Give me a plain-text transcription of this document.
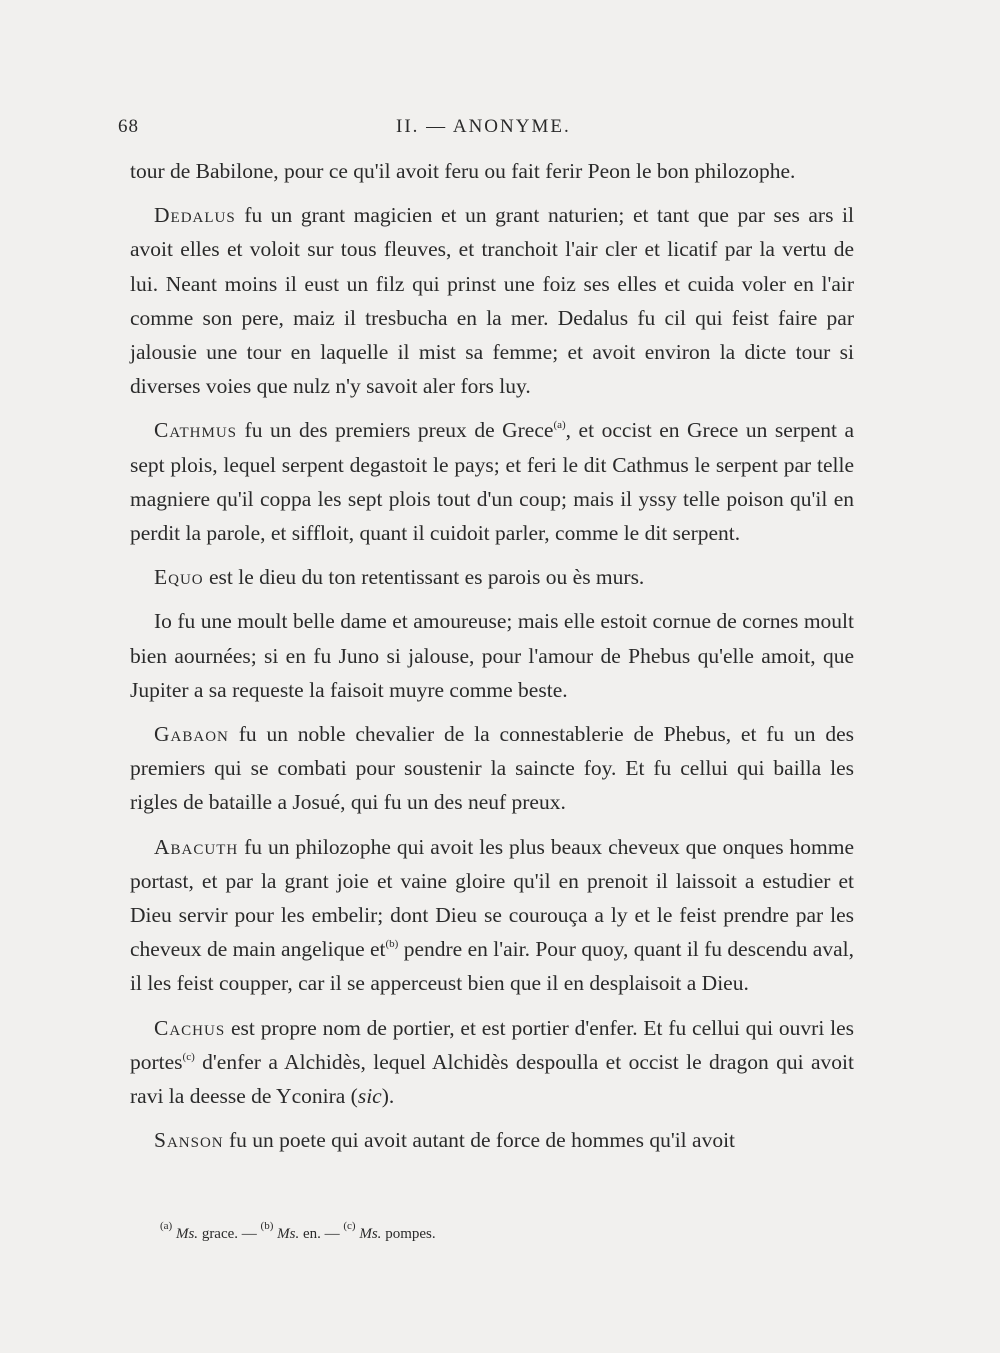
68	II. — ANONYME.

tour de Babilone, pour ce qu'il avoit feru ou fait ferir Peon le bon philozophe.

Dedalus fu un grant magicien et un grant naturien; et tant que par ses ars il avoit elles et voloit sur tous fleuves, et tranchoit l'air cler et licatif par la vertu de lui. Neant moins il eust un filz qui prinst une foiz ses elles et cuida voler en l'air comme son pere, maiz il tresbucha en la mer. Dedalus fu cil qui feist faire par jalousie une tour en laquelle il mist sa femme; et avoit environ la dicte tour si diverses voies que nulz n'y savoit aler fors luy.

Cathmus fu un des premiers preux de Grece$^{(a)}$, et occist en Grece un serpent a sept plois, lequel serpent degastoit le pays; et feri le dit Cathmus le serpent par telle magniere qu'il coppa les sept plois tout d'un coup; mais il yssy telle poison qu'il en perdit la parole, et siffloit, quant il cuidoit parler, comme le dit serpent.

Equo est le dieu du ton retentissant es parois ou ès murs.

Io fu une moult belle dame et amoureuse; mais elle estoit cornue de cornes moult bien aournées; si en fu Juno si jalouse, pour l'amour de Phebus qu'elle amoit, que Jupiter a sa requeste la faisoit muyre comme beste.

Gabaon fu un noble chevalier de la connestablerie de Phebus, et fu un des premiers qui se combati pour soustenir la saincte foy. Et fu cellui qui bailla les rigles de bataille a Josué, qui fu un des neuf preux.

Abacuth fu un philozophe qui avoit les plus beaux cheveux que onques homme portast, et par la grant joie et vaine gloire qu'il en prenoit il laissoit a estudier et Dieu servir pour les embelir; dont Dieu se courouça a ly et le feist prendre par les cheveux de main angelique $et^{(b)}$ pendre en l'air. Pour quoy, quant il fu descendu aval, il les feist coupper, car il se apperceust bien que il en desplaisoit a Dieu.

Cachus est propre nom de portier, et est portier d'enfer. Et fu cellui qui ouvri les portes$^{(c)}$ d'enfer a Alchidès, lequel Alchidès despoulla et occist le dragon qui avoit ravi la deesse de Yconira (sic).

Sanson fu un poete qui avoit autant de force de hommes qu'il avoit

$^{(a)}$ Ms. grace. — $^{(b)}$ Ms. en. — $^{(c)}$ Ms. pompes.
